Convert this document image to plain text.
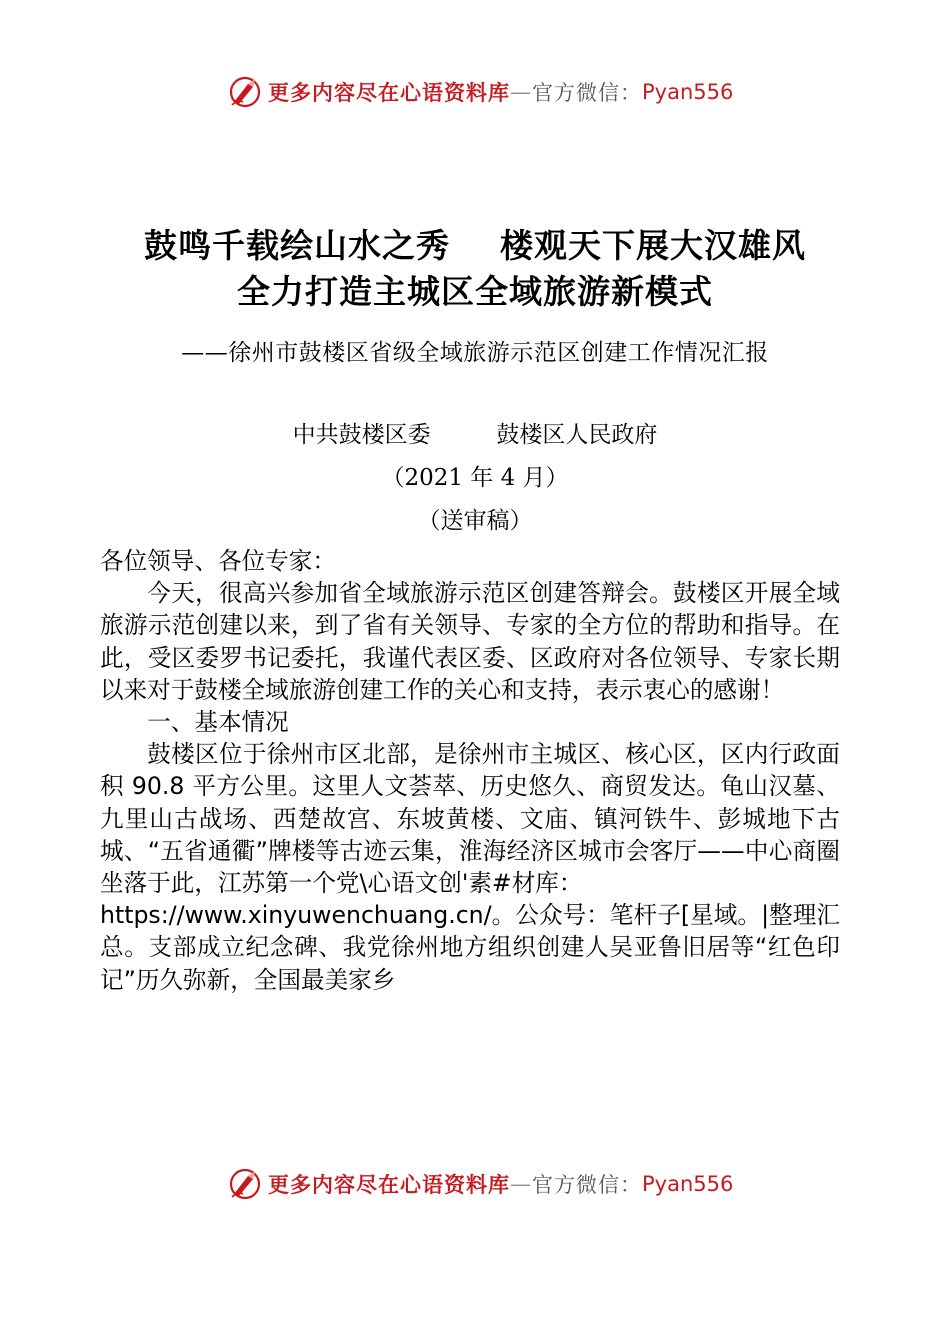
更多内容尽在心语资料库 — 官方微信： Pyan556
鼓鸣千载绘山水之秀    楼观天下展大汉雄风
全力打造主城区全域旅游新模式
——徐州市鼓楼区省级全域旅游示范区创建工作情况汇报
中共鼓楼区委         鼓楼区人民政府
（2021 年 4 月）
（送审稿）

各位领导、各位专家：

今天，很高兴参加省全域旅游示范区创建答辩会。鼓楼区开展全域旅游示范创建以来，到了省有关领导、专家的全方位的帮助和指导。在此，受区委罗书记委托，我谨代表区委、区政府对各位领导、专家长期以来对于鼓楼全域旅游创建工作的关心和支持，表示衷心的感谢！

一、基本情况

鼓楼区位于徐州市区北部，是徐州市主城区、核心区，区内行政面积 90.8 平方公里。这里人文荟萃、历史悠久、商贸发达。龟山汉墓、九里山古战场、西楚故宫、东坡黄楼、文庙、镇河铁牛、彭城地下古城、“五省通衢”牌楼等古迹云集，淮海经济区城市会客厅——中心商圈坐落于此，江苏第一个党\心语文创'素#材库：

https://www.xinyuwenchuang.cn/。公众号：笔杆子[星域。|整理汇总。支部成立纪念碑、我党徐州地方组织创建人吴亚鲁旧居等“红色印记”历久弥新，全国最美家乡

更多内容尽在心语资料库 — 官方微信： Pyan556
